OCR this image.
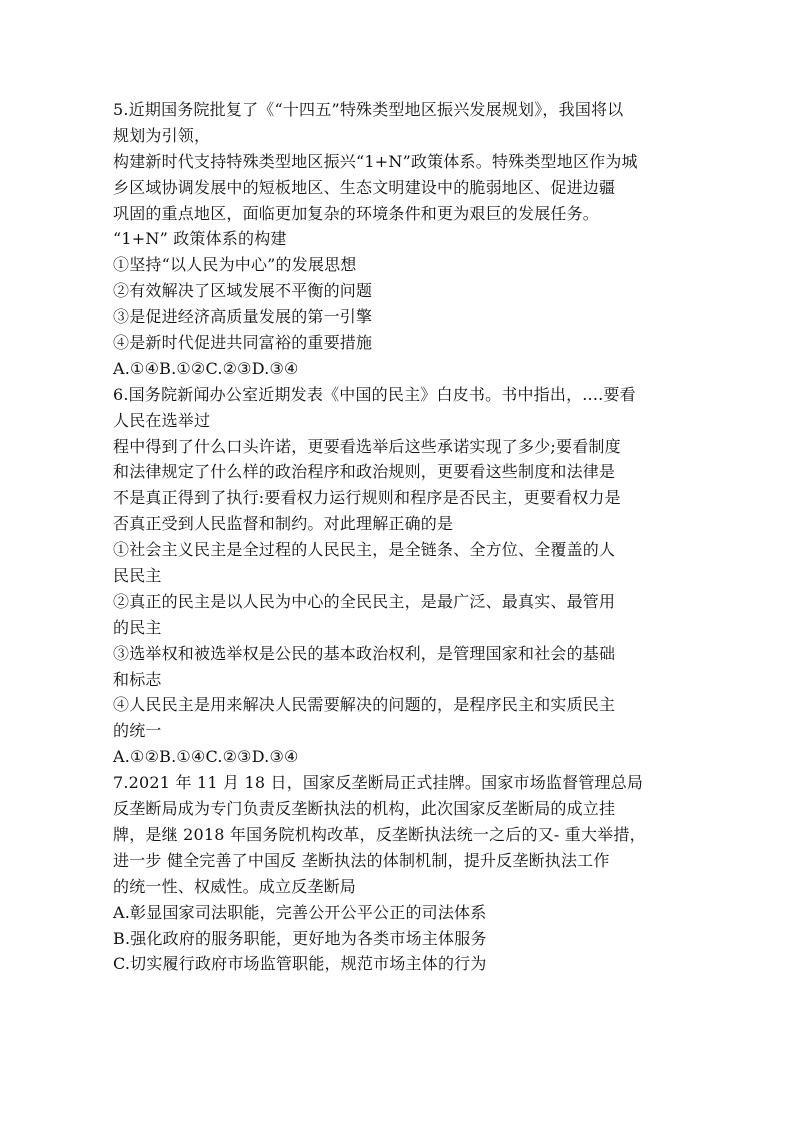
5.近期国务院批复了《“十四五”特殊类型地区振兴发展规划》，我国将以
规划为引领，
构建新时代支持特殊类型地区振兴“1+N”政策体系。特殊类型地区作为城
乡区域协调发展中的短板地区、生态文明建设中的脆弱地区、促进边疆
巩固的重点地区，面临更加复杂的环境条件和更为艰巨的发展任务。
“1+N” 政策体系的构建
①坚持“以人民为中心”的发展思想
②有效解决了区域发展不平衡的问题
③是促进经济高质量发展的第一引擎
④是新时代促进共同富裕的重要措施
A.①④B.①②C.②③D.③④
6.国务院新闻办公室近期发表《中国的民主》白皮书。书中指出，....要看
人民在选举过
程中得到了什么口头许诺，更要看选举后这些承诺实现了多少;要看制度
和法律规定了什么样的政治程序和政治规则，更要看这些制度和法律是
不是真正得到了执行:要看权力运行规则和程序是否民主，更要看权力是
否真正受到人民监督和制约。对此理解正确的是
①社会主义民主是全过程的人民民主，是全链条、全方位、全覆盖的人
民民主
②真正的民主是以人民为中心的全民民主，是最广泛、最真实、最管用
的民主
③选举权和被选举权是公民的基本政治权利，是管理国家和社会的基础
和标志
④人民民主是用来解决人民需要解决的问题的，是程序民主和实质民主
的统一
A.①②B.①④C.②③D.③④
7.2021 年 11 月 18 日，国家反垄断局正式挂牌。国家市场监督管理总局
反垄断局成为专门负责反垄断执法的机构，此次国家反垄断局的成立挂
牌，是继 2018 年国务院机构改革，反垄断执法统一之后的又- 重大举措，
进一步 健全完善了中国反 垄断执法的体制机制，提升反垄断执法工作
的统一性、权威性。成立反垄断局
A.彰显国家司法职能，完善公开公平公正的司法体系
B.强化政府的服务职能，更好地为各类市场主体服务
C.切实履行政府市场监管职能，规范市场主体的行为
